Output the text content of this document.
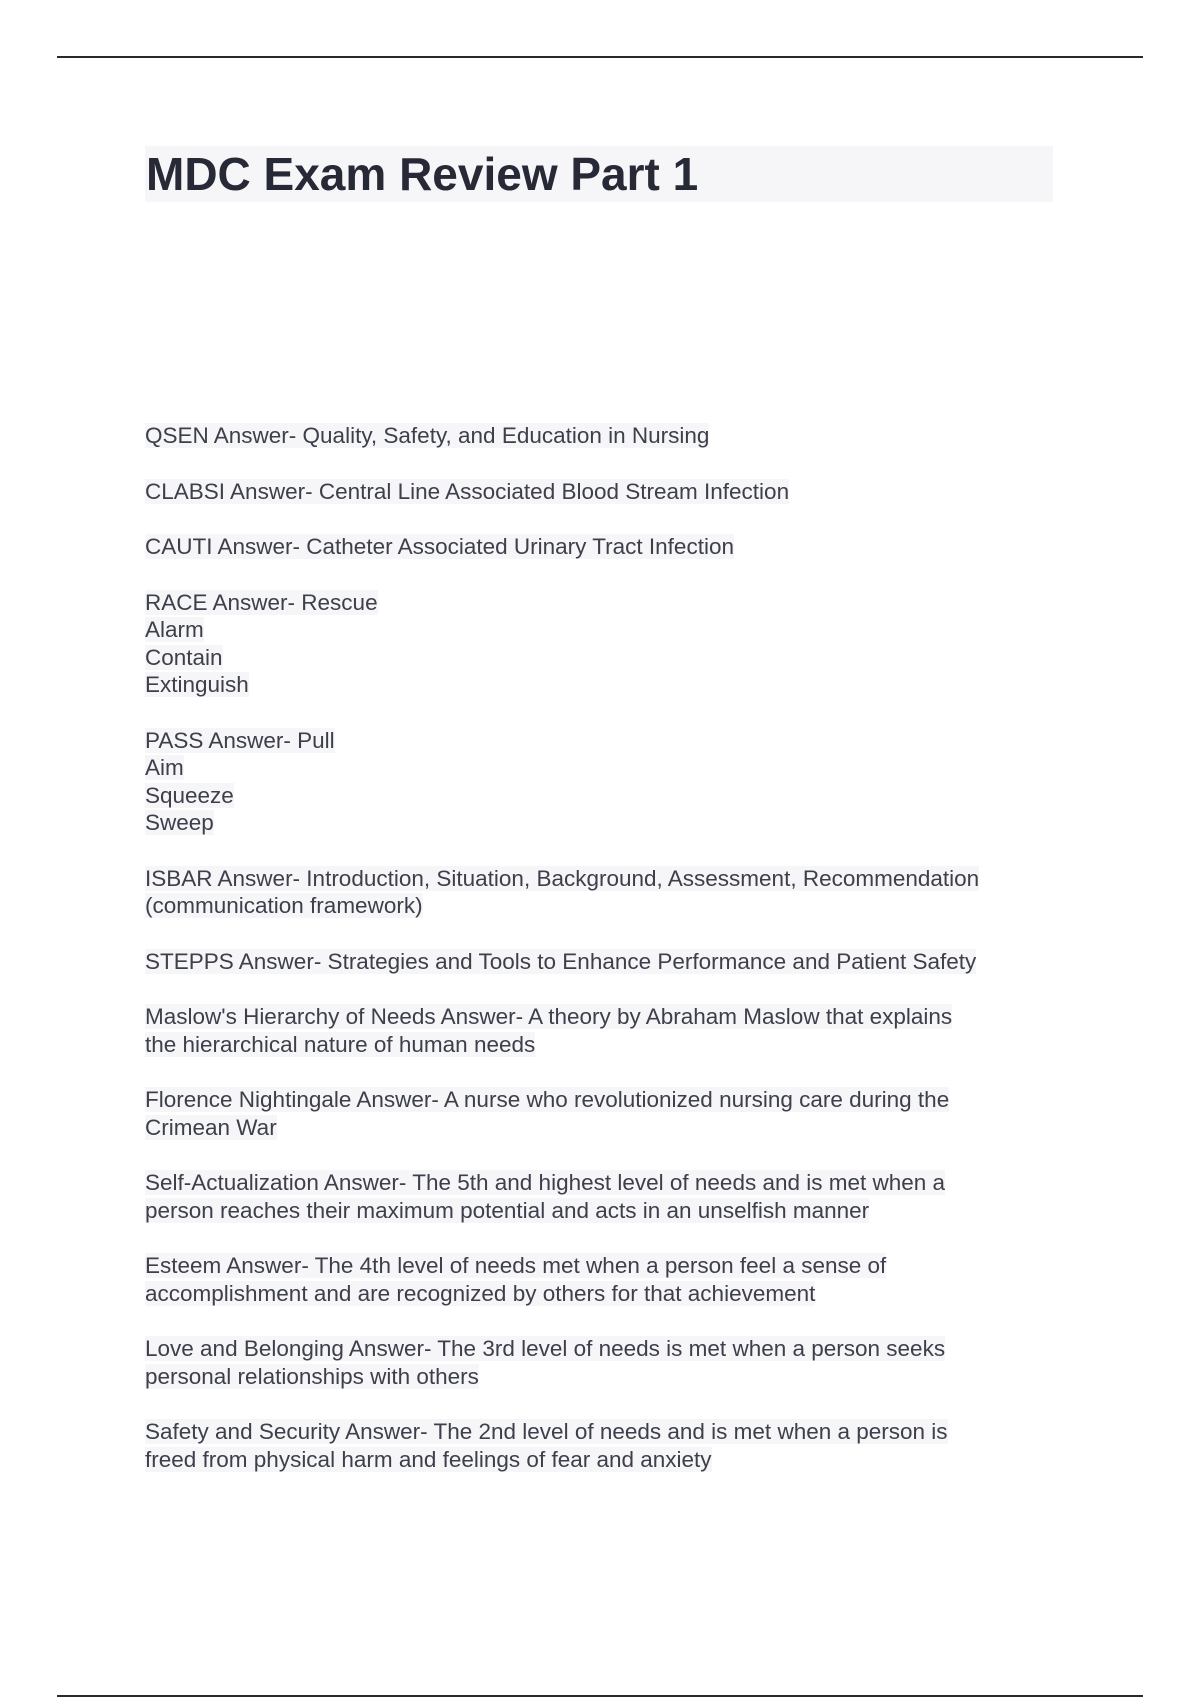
MDC Exam Review Part 1
QSEN Answer- Quality, Safety, and Education in Nursing
CLABSI Answer- Central Line Associated Blood Stream Infection
CAUTI Answer- Catheter Associated Urinary Tract Infection
RACE Answer- Rescue
Alarm
Contain
Extinguish
PASS Answer- Pull
Aim
Squeeze
Sweep
ISBAR Answer- Introduction, Situation, Background, Assessment, Recommendation
(communication framework)
STEPPS Answer- Strategies and Tools to Enhance Performance and Patient Safety
Maslow's Hierarchy of Needs Answer- A theory by Abraham Maslow that explains
the hierarchical nature of human needs
Florence Nightingale Answer- A nurse who revolutionized nursing care during the
Crimean War
Self-Actualization Answer- The 5th and highest level of needs and is met when a
person reaches their maximum potential and acts in an unselfish manner
Esteem Answer- The 4th level of needs met when a person feel a sense of
accomplishment and are recognized by others for that achievement
Love and Belonging Answer- The 3rd level of needs is met when a person seeks
personal relationships with others
Safety and Security Answer- The 2nd level of needs and is met when a person is
freed from physical harm and feelings of fear and anxiety
